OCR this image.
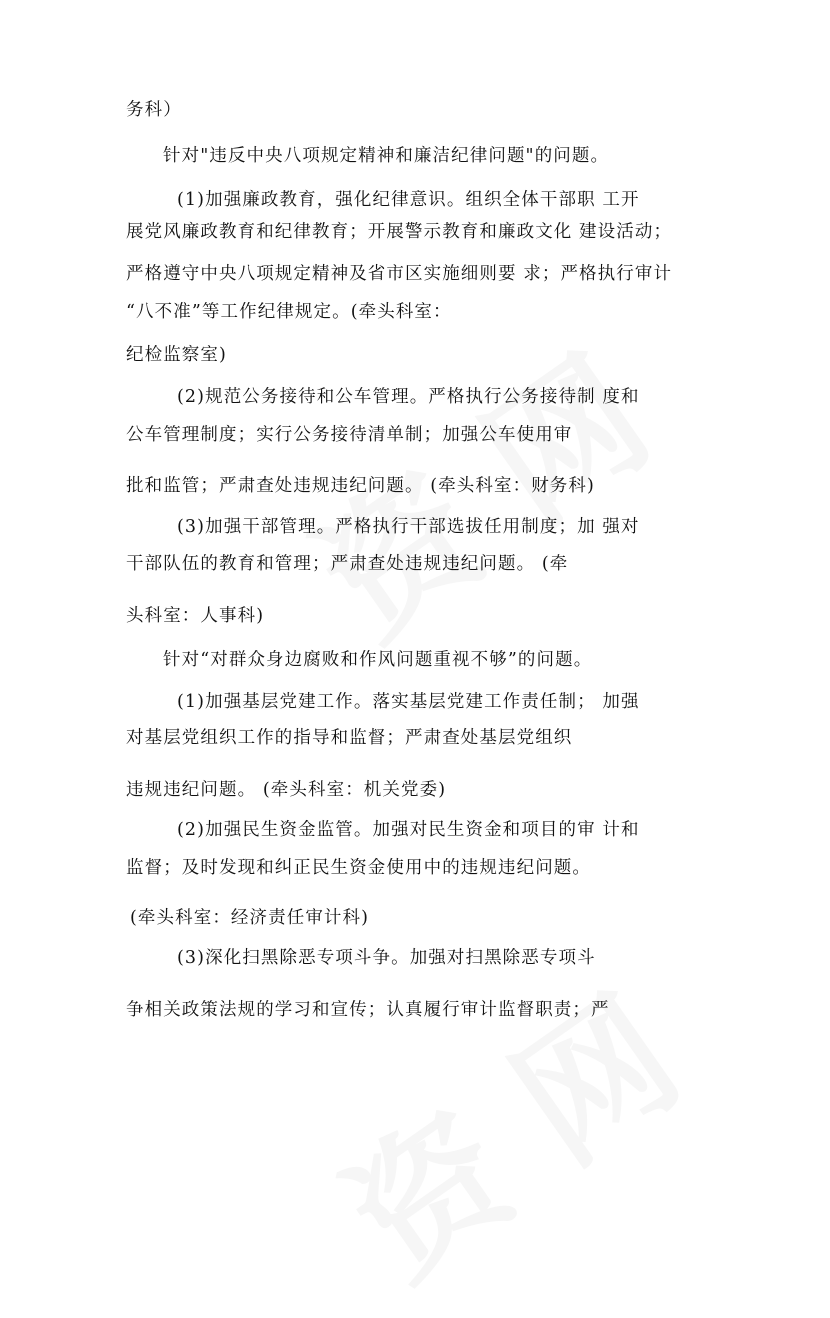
务科）
针对"违反中央八项规定精神和廉洁纪律问题"的问题。
(1)加强廉政教育，强化纪律意识。组织全体干部职 工开
展党风廉政教育和纪律教育；开展警示教育和廉政文化 建设活动；
严格遵守中央八项规定精神及省市区实施细则要 求；严格执行审计
“八不准”等工作纪律规定。(牵头科室：
纪检监察室)
(2)规范公务接待和公车管理。严格执行公务接待制 度和
公车管理制度；实行公务接待清单制；加强公车使用审
批和监管；严肃查处违规违纪问题。 (牵头科室：财务科)
(3)加强干部管理。严格执行干部选拔任用制度；加 强对
干部队伍的教育和管理；严肃查处违规违纪问题。 (牵
头科室：人事科)
针对“对群众身边腐败和作风问题重视不够”的问题。
(1)加强基层党建工作。落实基层党建工作责任制； 加强
对基层党组织工作的指导和监督；严肃查处基层党组织
违规违纪问题。 (牵头科室：机关党委)
(2)加强民生资金监管。加强对民生资金和项目的审 计和
监督；及时发现和纠正民生资金使用中的违规违纪问题。
(牵头科室：经济责任审计科)
(3)深化扫黑除恶专项斗争。加强对扫黑除恶专项斗
争相关政策法规的学习和宣传；认真履行审计监督职责；严
